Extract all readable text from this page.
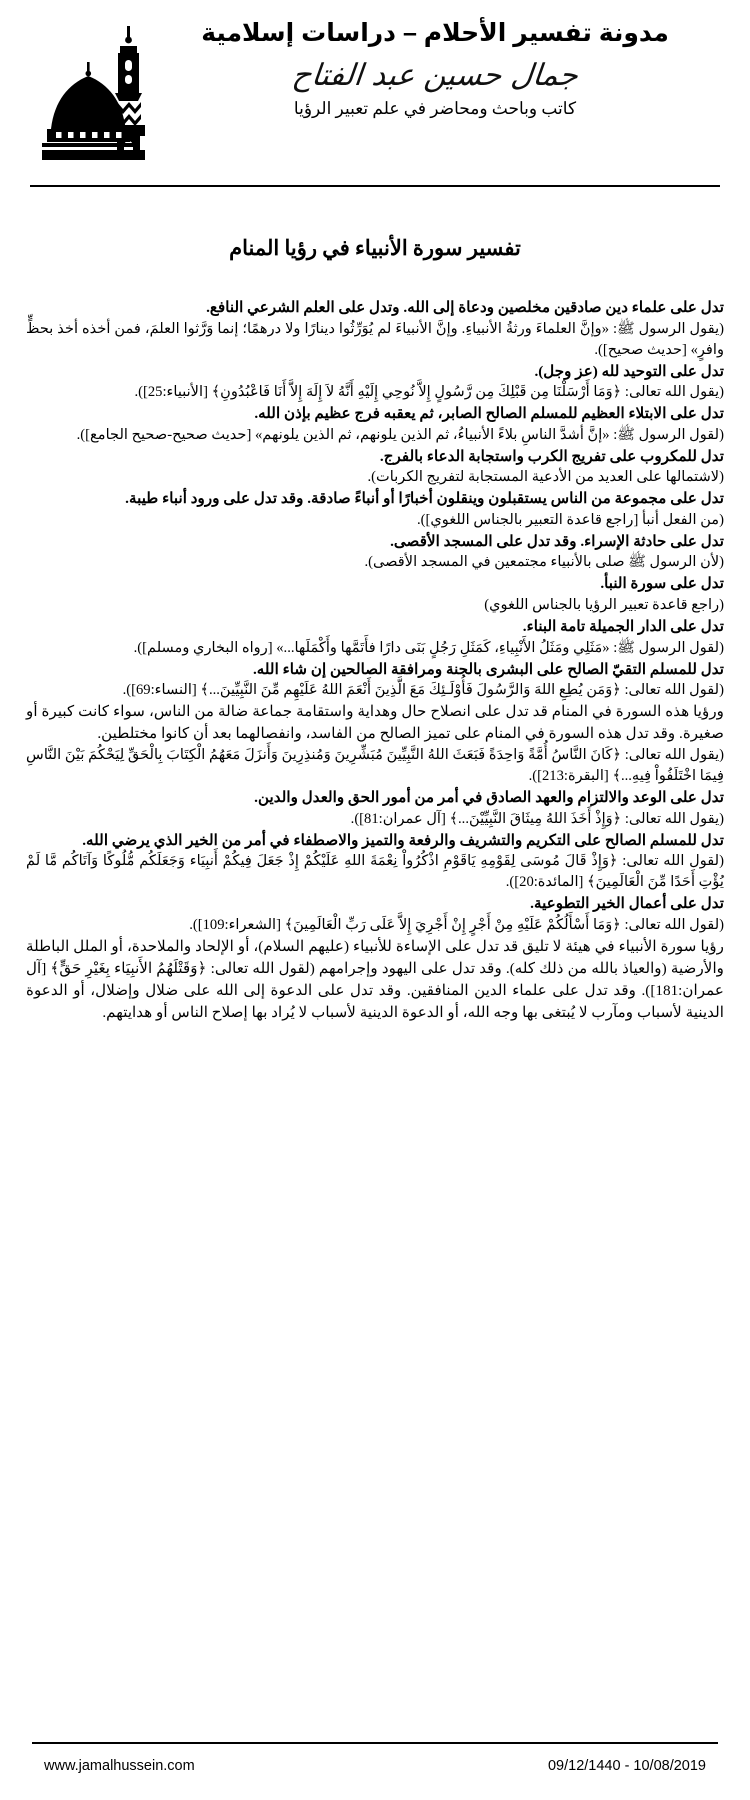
مدونة تفسير الأحلام – دراسات إسلامية
جمال حسين عبد الفتاح
كاتب وباحث ومحاضر في علم تعبير الرؤيا
تفسير سورة الأنبياء في رؤيا المنام

تدل على علماء دين صادقين مخلصين ودعاة إلى الله. وتدل على العلم الشرعي النافع.

(يقول الرسول ﷺ: «وإنَّ العلماءَ ورثةُ الأنبياءِ. وإنَّ الأنبياءَ لم يُوَرِّثُوا دينارًا ولا درهمًا؛ إنما وَرَّثوا العلمَ، فمن أخذه أخذ بحظٍّ وافرٍ» [حديث صحيح]).

تدل على التوحيد لله (عز وجل).

(يقول الله تعالى: ﴿وَمَا أَرْسَلْنَا مِن قَبْلِكَ مِن رَّسُولٍ إِلاَّ نُوحِي إِلَيْهِ أَنَّهُ لاَ إِلَهَ إِلاَّ أَنَا فَاعْبُدُونِ﴾ [الأنبياء:25]).

تدل على الابتلاء العظيم للمسلم الصالح الصابر، ثم يعقبه فرج عظيم بإذن الله.

(لقول الرسول ﷺ: «إنَّ أشدَّ الناسِ بلاءً الأنبياءُ، ثم الذين يلونهم، ثم الذين يلونهم» [حديث صحيح-صحيح الجامع]).

تدل للمكروب على تفريج الكرب واستجابة الدعاء بالفرج.

(لاشتمالها على العديد من الأدعية المستجابة لتفريج الكربات).

تدل على مجموعة من الناس يستقبلون وينقلون أخبارًا أو أنباءً صادقة. وقد تدل على ورود أنباء طيبة.

(من الفعل أنبأ [راجع قاعدة التعبير بالجناس اللغوي]).

تدل على حادثة الإسراء. وقد تدل على المسجد الأقصى.

(لأن الرسول ﷺ صلى بالأنبياء مجتمعين في المسجد الأقصى).

تدل على سورة النبأ.

(راجع قاعدة تعبير الرؤيا بالجناس اللغوي)

تدل على الدار الجميلة تامة البناء.

(لقول الرسول ﷺ: «مَثَلِي ومَثَلُ الأَنْبِياءِ، كَمَثَلِ رَجُلٍ بَنَى دارًا فأَتَمَّها وأَكْمَلَها...» [رواه البخاري ومسلم]).

تدل للمسلم التقيّ الصالح على البشرى بالجنة ومرافقة الصالحين إن شاء الله.

(لقول الله تعالى: ﴿وَمَن يُطِعِ اللهَ وَالرَّسُولَ فَأُوْلَـئِكَ مَعَ الَّذِينَ أَنْعَمَ اللهُ عَلَيْهِم مِّنَ النَّبِيِّينَ...﴾ [النساء:69]).

ورؤيا هذه السورة في المنام قد تدل على انصلاح حال وهداية واستقامة جماعة ضالة من الناس، سواء كانت كبيرة أو صغيرة. وقد تدل هذه السورة في المنام على تميز الصالح من الفاسد، وانفصالهما بعد أن كانوا مختلطين.

(يقول الله تعالى: ﴿كَانَ النَّاسُ أُمَّةً وَاحِدَةً فَبَعَثَ اللهُ النَّبِيِّينَ مُبَشِّرِينَ وَمُنذِرِينَ وَأَنزَلَ مَعَهُمُ الْكِتَابَ بِالْحَقِّ لِيَحْكُمَ بَيْنَ النَّاسِ فِيمَا اخْتَلَفُواْ فِيهِ...﴾ [البقرة:213]).

تدل على الوعد والالتزام والعهد الصادق في أمر من أمور الحق والعدل والدين.

(يقول الله تعالى: ﴿وَإِذْ أَخَذَ اللهُ مِيثَاقَ النَّبِيِّيْنَ...﴾ [آل عمران:81]).

تدل للمسلم الصالح على التكريم والتشريف والرفعة والتميز والاصطفاء في أمر من الخير الذي يرضي الله.

(لقول الله تعالى: ﴿وَإِذْ قَالَ مُوسَى لِقَوْمِهِ يَاقَوْمِ اذْكُرُواْ نِعْمَةَ اللهِ عَلَيْكُمْ إِذْ جَعَلَ فِيكُمْ أَنبِيَاء وَجَعَلَكُم مُّلُوكًا وَآتَاكُم مَّا لَمْ يُؤْتِ أَحَدًا مِّنَ الْعَالَمِينَ﴾ [المائدة:20]).

تدل على أعمال الخير التطوعية.

(لقول الله تعالى: ﴿وَمَا أَسْأَلُكُمْ عَلَيْهِ مِنْ أَجْرٍ إِنْ أَجْرِيَ إِلاَّ عَلَى رَبِّ الْعَالَمِينَ﴾ [الشعراء:109]).

رؤيا سورة الأنبياء في هيئة لا تليق قد تدل على الإساءة للأنبياء (عليهم السلام)، أو الإلحاد والملاحدة، أو الملل الباطلة والأرضية (والعياذ بالله من ذلك كله). وقد تدل على اليهود وإجرامهم (لقول الله تعالى: ﴿وَقَتْلَهُمُ الأَنبِيَاء بِغَيْرِ حَقٍّ﴾ [آل عمران:181]). وقد تدل على علماء الدين المنافقين. وقد تدل على الدعوة إلى الله على ضلال وإضلال، أو الدعوة الدينية لأسباب ومآرب لا يُبتغى بها وجه الله، أو الدعوة الدينية لأسباب لا يُراد بها إصلاح الناس أو هدايتهم.

www.jamalhussein.com	09/12/1440 - 10/08/2019
